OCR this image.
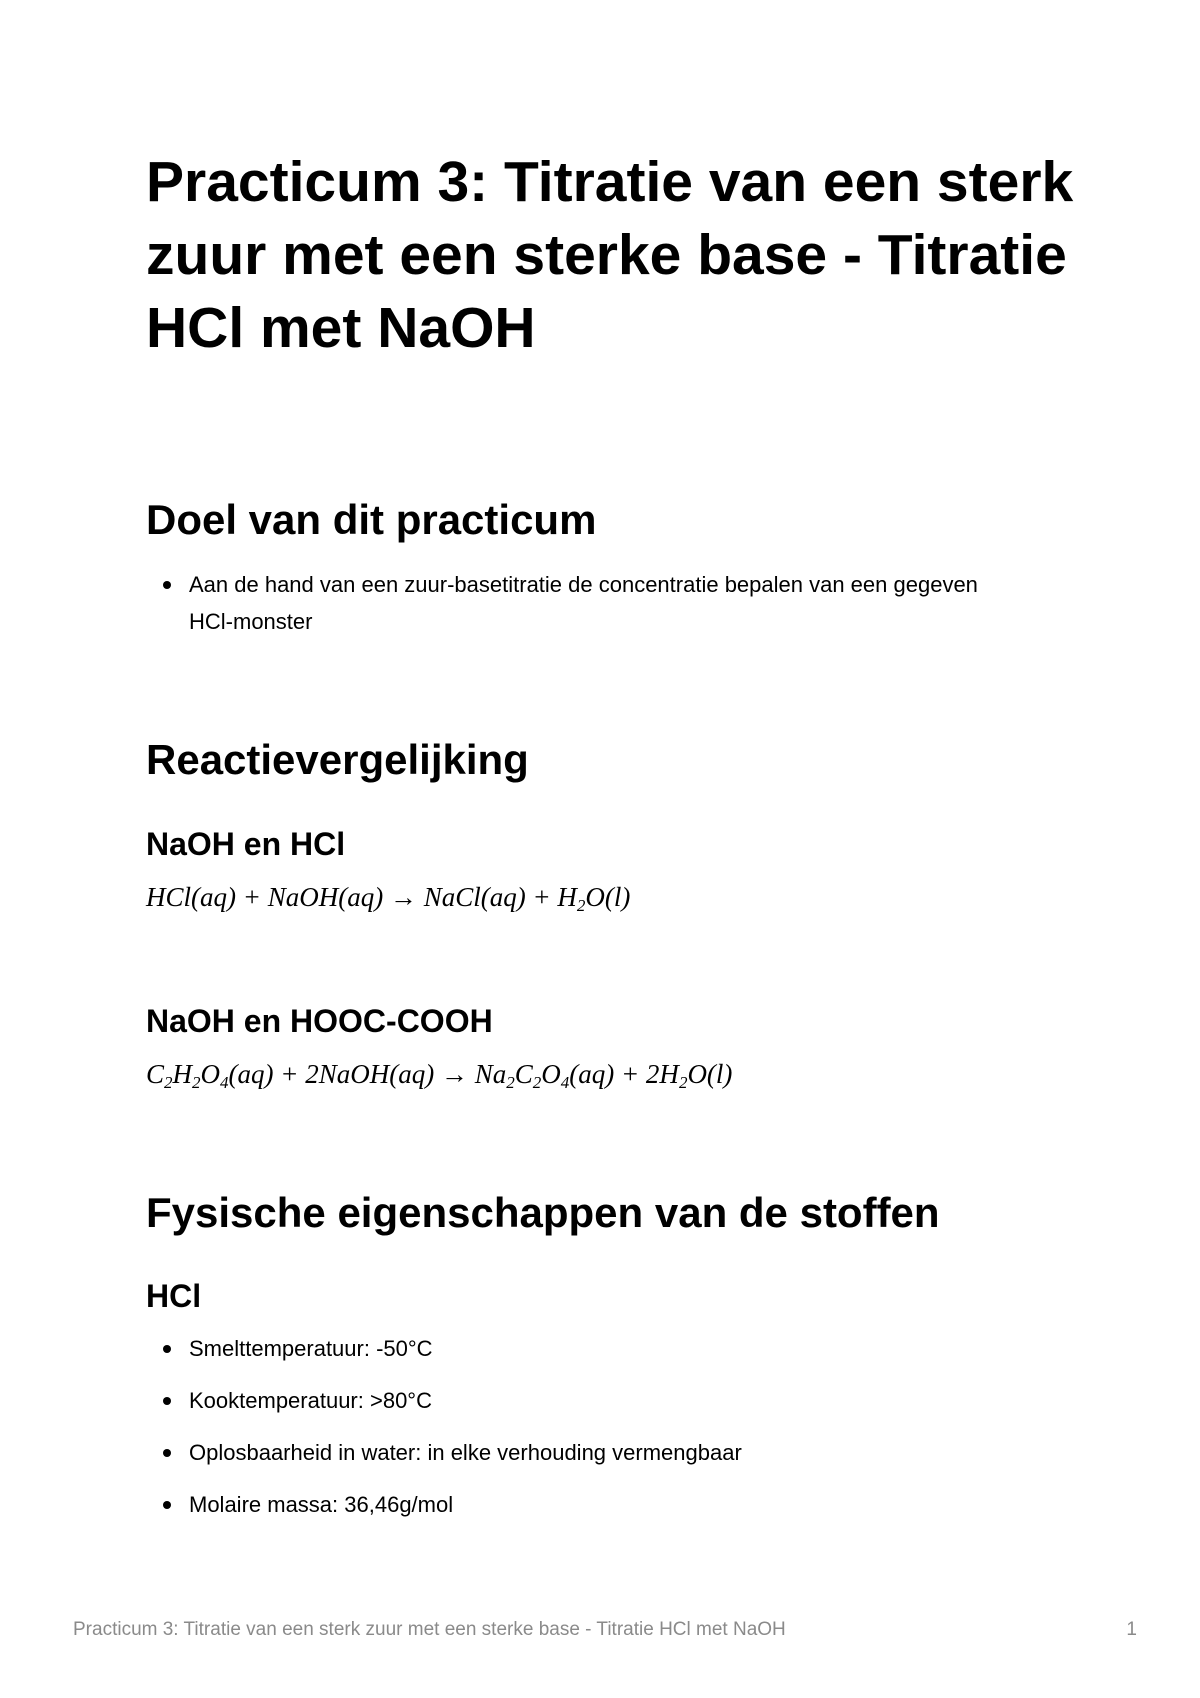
Practicum 3: Titratie van een sterk zuur met een sterke base - Titratie HCl met NaOH
Doel van dit practicum
Aan de hand van een zuur-basetitratie de concentratie bepalen van een gegeven HCl-monster
Reactievergelijking
NaOH en HCl
HCl(aq) + NaOH(aq) → NaCl(aq) + $H_2O(l)$
NaOH en HOOC-COOH
$C_2H_2O_4(aq)$ + 2NaOH(aq) → $Na_2C_2O_4(aq) + 2H_2O(l)$
Fysische eigenschappen van de stoffen
HCl
Smelttemperatuur: -50°C
Kooktemperatuur: >80°C
Oplosbaarheid in water: in elke verhouding vermengbaar
Molaire massa: 36,46g/mol
Practicum 3: Titratie van een sterk zuur met een sterke base - Titratie HCl met NaOH	1
